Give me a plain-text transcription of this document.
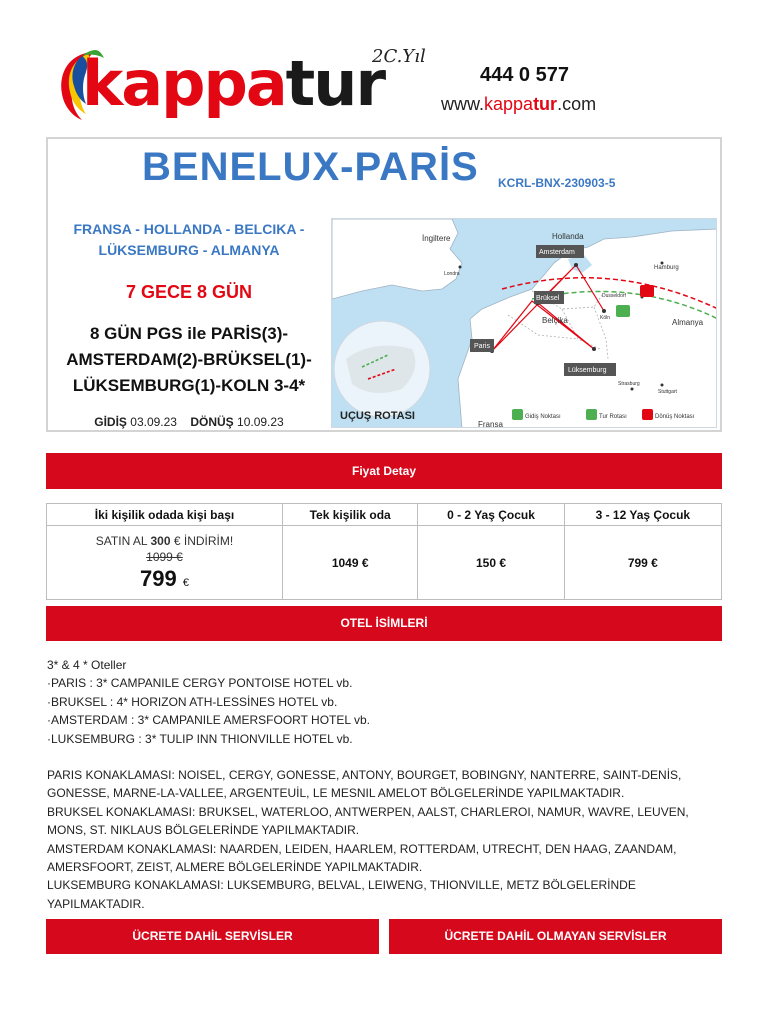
kappatur
2C.Yıl
444 0 577
www.kappatur.com
BENELUX-PARİS KCRL-BNX-230903-5
FRANSA - HOLLANDA - BELCIKA -
LÜKSEMBURG - ALMANYA
7 GECE 8 GÜN
8 GÜN PGS ile PARİS(3)-
AMSTERDAM(2)-BRÜKSEL(1)-
LÜKSEMBURG(1)-KOLN 3-4*
GİDİŞ 03.09.23 DÖNÜŞ 10.09.23
İngiltere	Hollanda
Amsterdam
Londra
Hamburg
Brüksel	Dusseldorf
Belçika	Köln	Almanya
Paris
Lüksemburg
Strasburg
Stuttgart
Fransa
UÇUŞ ROTASI	Gidiş Noktası	Tur Rotası	Dönüş Noktası
Fiyat Detay
İki kişilik odada kişi başı	Tek kişilik oda	0 - 2 Yaş Çocuk	3 - 12 Yaş Çocuk

SATIN AL 300 € İNDİRİM!
1099 €
799 €	1049 €	150 €	799 €
OTEL İSİMLERİ

3* & 4 * Oteller

·PARIS : 3* CAMPANILE CERGY PONTOISE HOTEL vb.

·BRUKSEL : 4* HORIZON ATH-LESSİNES HOTEL vb.

·AMSTERDAM : 3* CAMPANILE AMERSFOORT HOTEL vb.

·LUKSEMBURG : 3* TULIP INN THIONVILLE HOTEL vb.

PARIS KONAKLAMASI: NOISEL, CERGY, GONESSE, ANTONY, BOURGET, BOBINGNY, NANTERRE, SAINT-DENİS, GONESSE, MARNE-LA-VALLEE, ARGENTEUİL, LE MESNIL AMELOT BÖLGELERİNDE YAPILMAKTADIR.

BRUKSEL KONAKLAMASI: BRUKSEL, WATERLOO, ANTWERPEN, AALST, CHARLEROI, NAMUR, WAVRE, LEUVEN, MONS, ST. NIKLAUS BÖLGELERİNDE YAPILMAKTADIR.

AMSTERDAM KONAKLAMASI: NAARDEN, LEIDEN, HAARLEM, ROTTERDAM, UTRECHT, DEN HAAG, ZAANDAM, AMERSFOORT, ZEIST, ALMERE BÖLGELERİNDE YAPILMAKTADIR.

LUKSEMBURG KONAKLAMASI: LUKSEMBURG, BELVAL, LEIWENG, THIONVILLE, METZ BÖLGELERİNDE YAPILMAKTADIR.

ÜCRETE DAHİL SERVİSLER	ÜCRETE DAHİL OLMAYAN SERVİSLER
